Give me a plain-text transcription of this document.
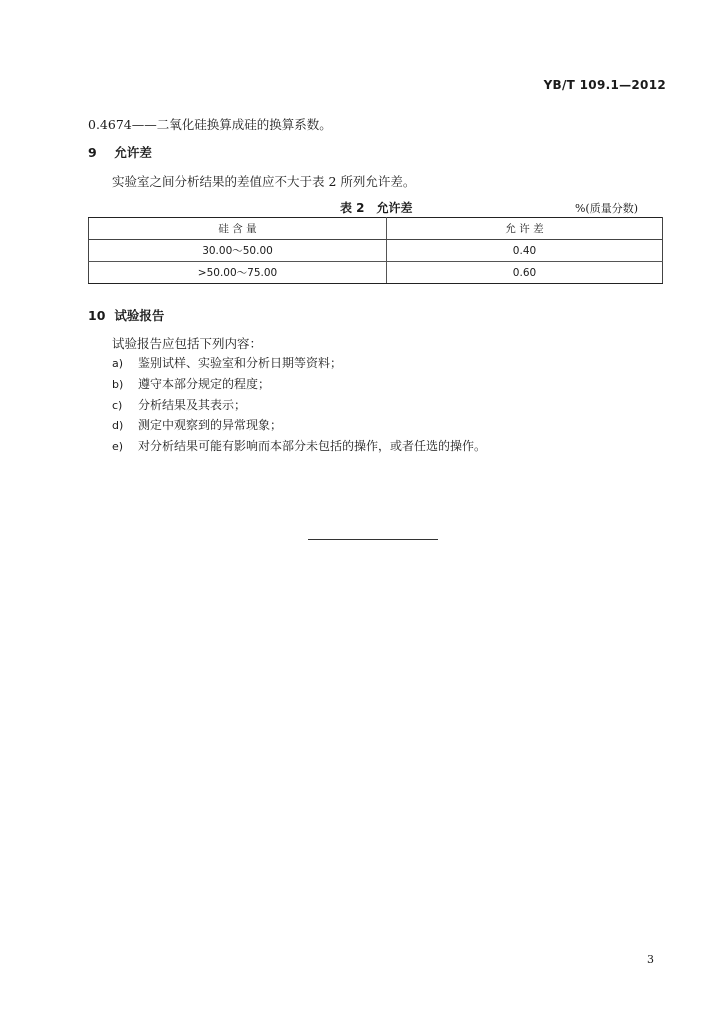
YB/T 109.1—2012
0.4674——二氧化硅换算成硅的换算系数。
9 允许差
实验室之间分析结果的差值应不大于表 2 所列允许差。
表 2　允许差	%(质量分数)
硅 含 量	允 许 差
30.00～50.00	0.40
>50.00～75.00	0.60
10 试验报告
试验报告应包括下列内容：
a) 鉴别试样、实验室和分析日期等资料；
b) 遵守本部分规定的程度；
c) 分析结果及其表示；
d) 测定中观察到的异常现象；
e) 对分析结果可能有影响而本部分未包括的操作，或者任选的操作。
3
